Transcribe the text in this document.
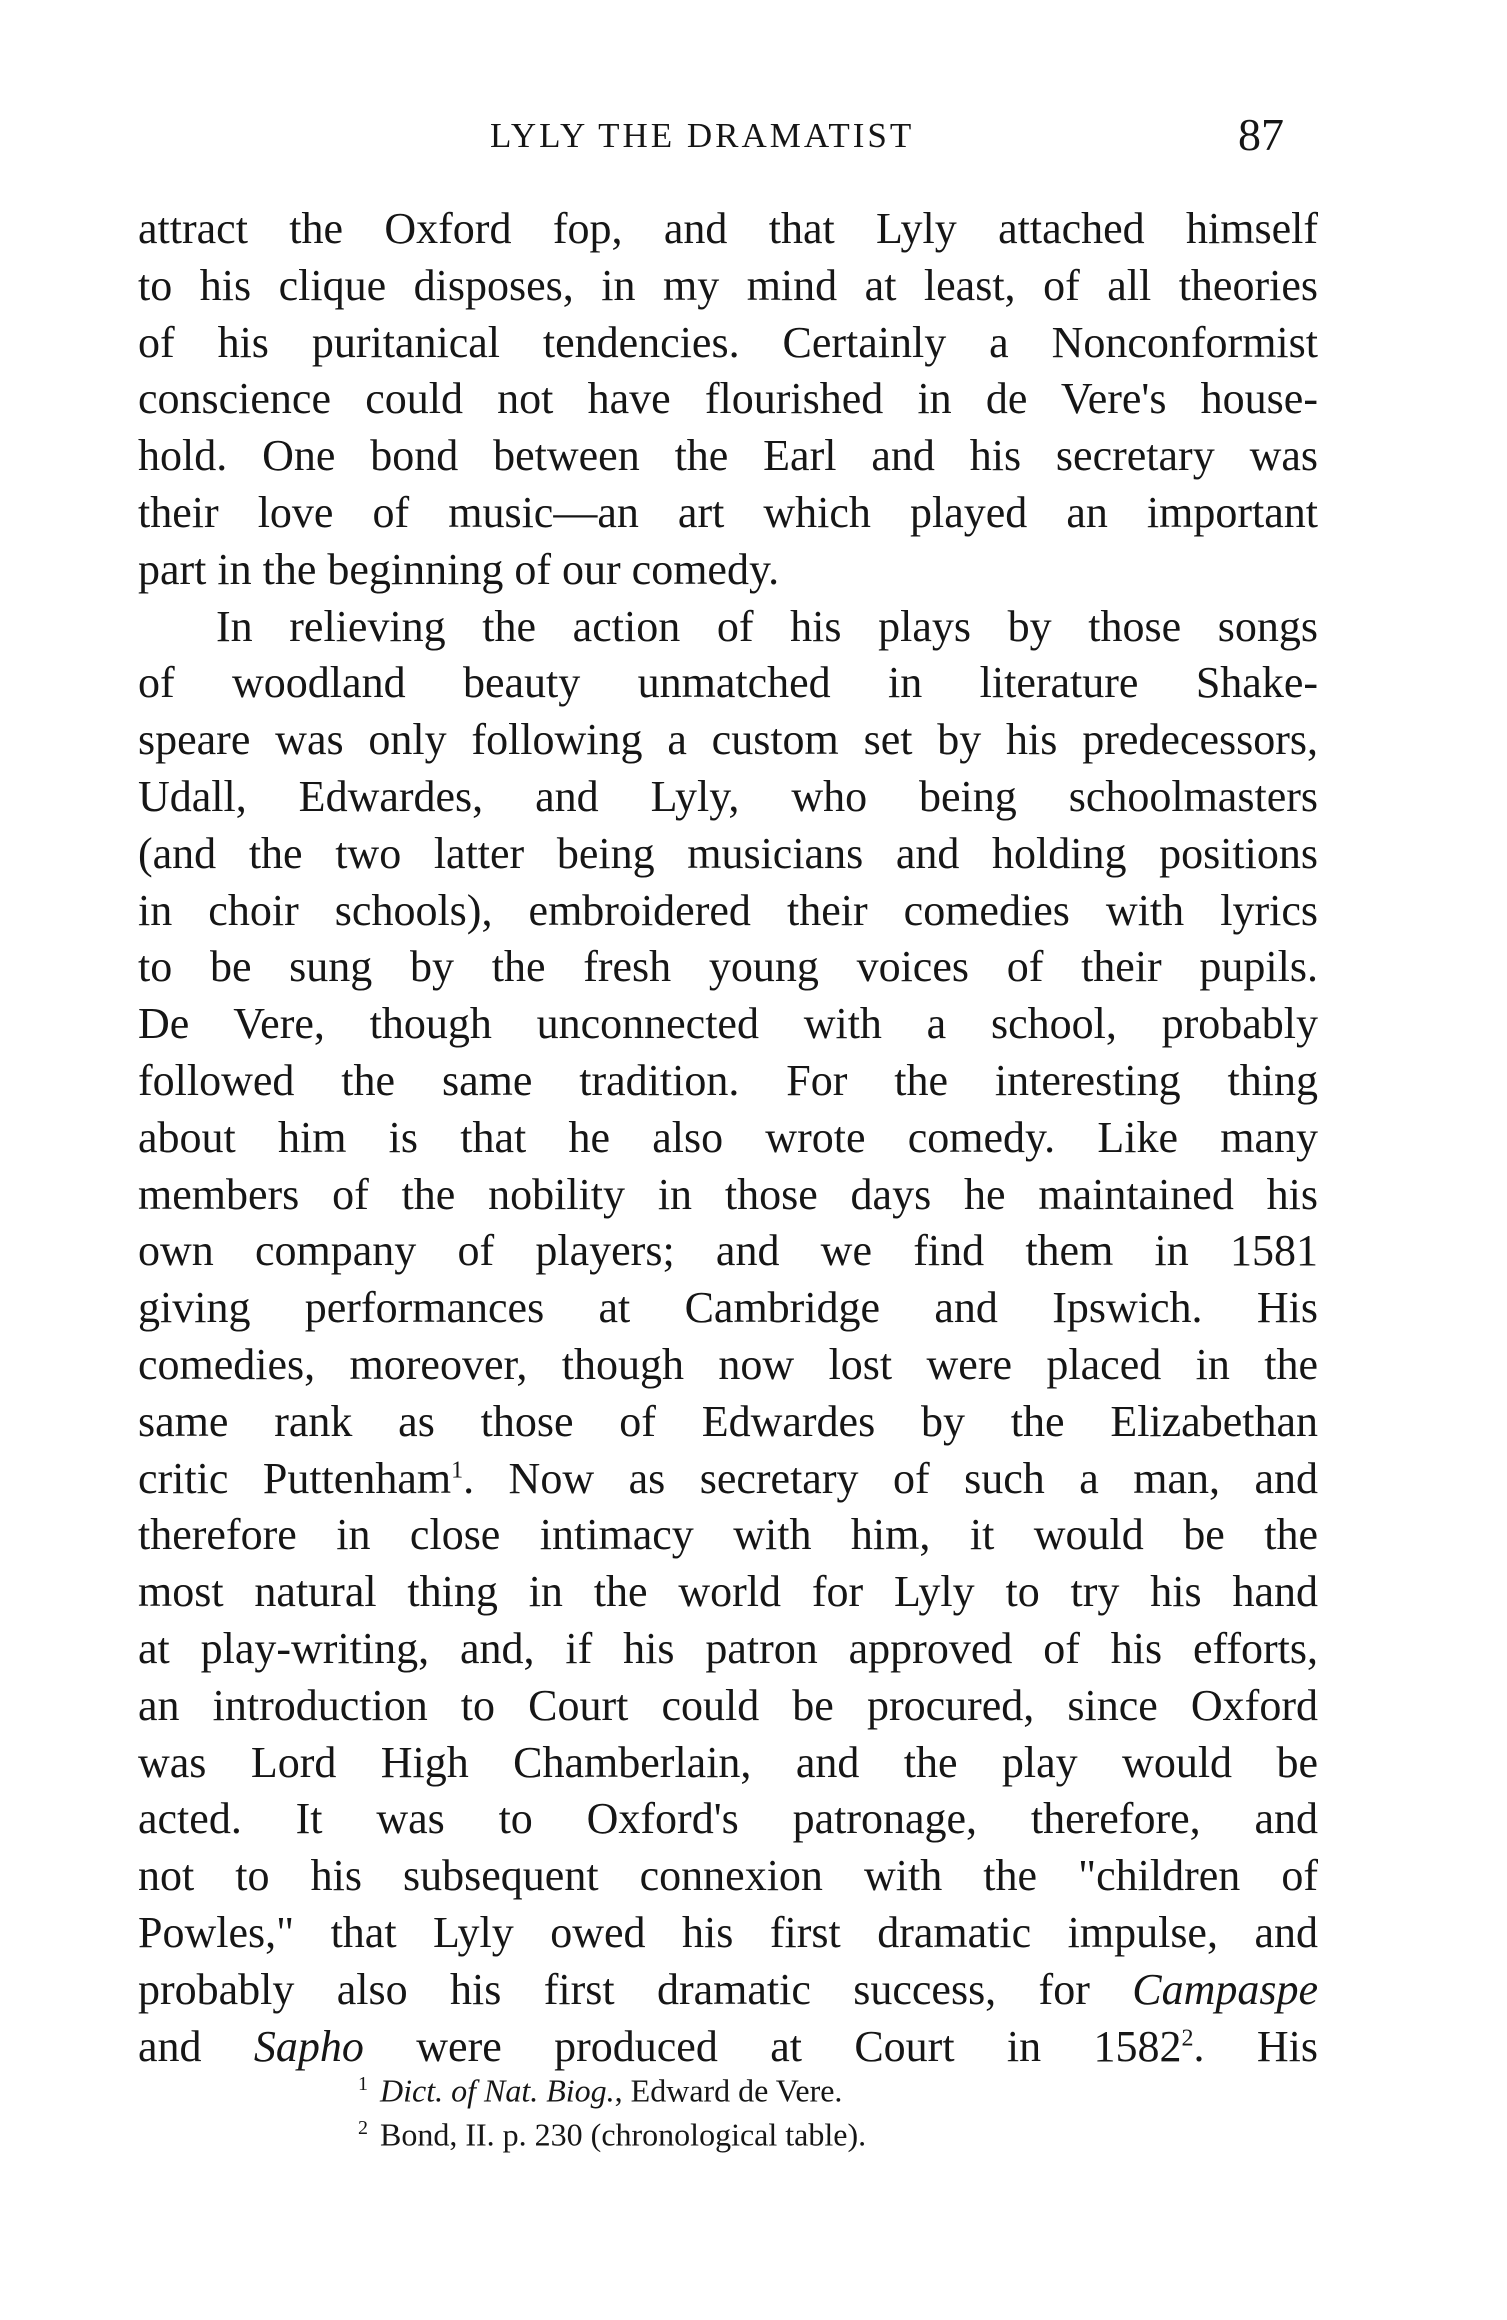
LYLY THE DRAMATIST	87
attract the Oxford fop, and that Lyly attached himself
to his clique disposes, in my mind at least, of all theories
of his puritanical tendencies. Certainly a Nonconformist
conscience could not have flourished in de Vere's house-
hold. One bond between the Earl and his secretary was
their love of music—an art which played an important
part in the beginning of our comedy.
In relieving the action of his plays by those songs
of woodland beauty unmatched in literature Shake-
speare was only following a custom set by his predecessors,
Udall, Edwardes, and Lyly, who being schoolmasters
(and the two latter being musicians and holding positions
in choir schools), embroidered their comedies with lyrics
to be sung by the fresh young voices of their pupils.
De Vere, though unconnected with a school, probably
followed the same tradition. For the interesting thing
about him is that he also wrote comedy. Like many
members of the nobility in those days he maintained his
own company of players; and we find them in 1581
giving performances at Cambridge and Ipswich. His
comedies, moreover, though now lost were placed in the
same rank as those of Edwardes by the Elizabethan
critic Puttenham$^1$. Now as secretary of such a man, and
therefore in close intimacy with him, it would be the
most natural thing in the world for Lyly to try his hand
at play-writing, and, if his patron approved of his efforts,
an introduction to Court could be procured, since Oxford
was Lord High Chamberlain, and the play would be
acted. It was to Oxford's patronage, therefore, and
not to his subsequent connexion with the "children of
Powles," that Lyly owed his first dramatic impulse, and
probably also his first dramatic success, for Campaspe
and Sapho were produced at Court in 1582$^2$. His
$^1$ Dict. of Nat. Biog., Edward de Vere.
$^2$ Bond, II. p. 230 (chronological table).
